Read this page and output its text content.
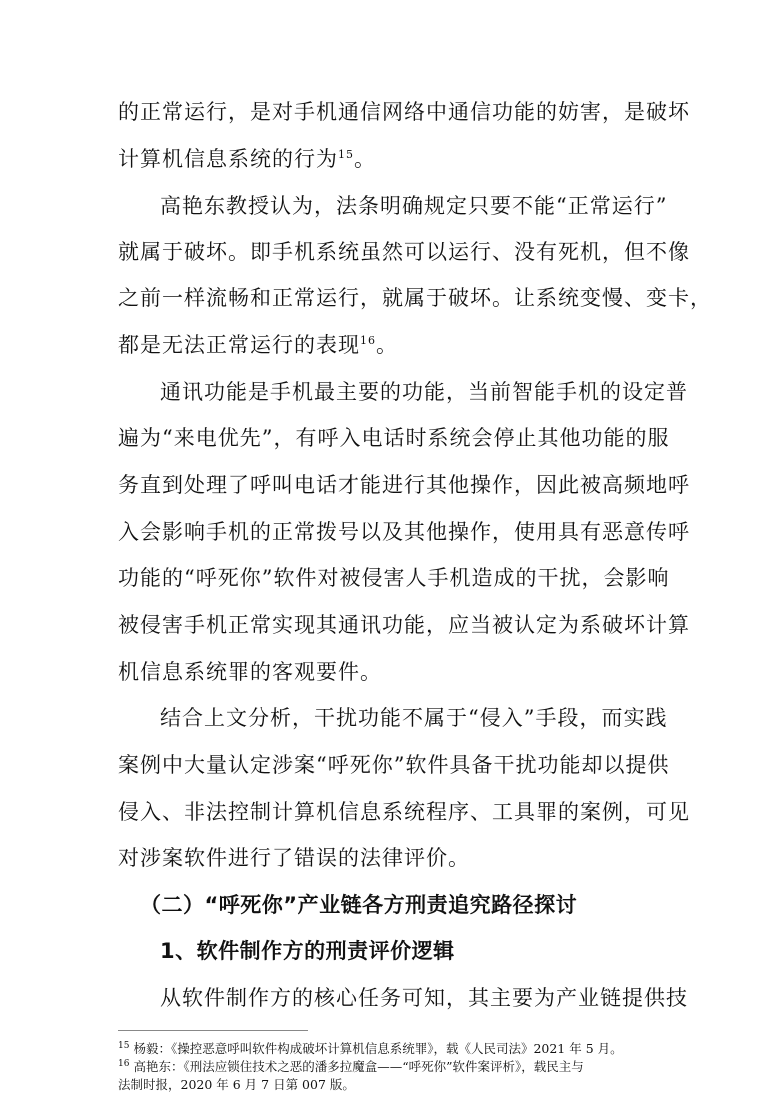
的正常运行，是对手机通信网络中通信功能的妨害，是破坏
计算机信息系统的行为$^{15}$。
高艳东教授认为，法条明确规定只要不能“正常运行”
就属于破坏。即手机系统虽然可以运行、没有死机，但不像
之前一样流畅和正常运行，就属于破坏。让系统变慢、变卡，
都是无法正常运行的表现$^{16}$。
通讯功能是手机最主要的功能，当前智能手机的设定普
遍为“来电优先”，有呼入电话时系统会停止其他功能的服
务直到处理了呼叫电话才能进行其他操作，因此被高频地呼
入会影响手机的正常拨号以及其他操作，使用具有恶意传呼
功能的“呼死你”软件对被侵害人手机造成的干扰，会影响
被侵害手机正常实现其通讯功能，应当被认定为系破坏计算
机信息系统罪的客观要件。
结合上文分析，干扰功能不属于“侵入”手段，而实践
案例中大量认定涉案“呼死你”软件具备干扰功能却以提供
侵入、非法控制计算机信息系统程序、工具罪的案例，可见
对涉案软件进行了错误的法律评价。
（二）“呼死你”产业链各方刑责追究路径探讨
1、软件制作方的刑责评价逻辑
从软件制作方的核心任务可知，其主要为产业链提供技
$^{15}$ 杨毅：《操控恶意呼叫软件构成破坏计算机信息系统罪》，载《人民司法》2021 年 5 月。
$^{16}$ 高艳东：《刑法应锁住技术之恶的潘多拉魔盒——“呼死你”软件案评析》，载民主与
法制时报，2020 年 6 月 7 日第 007 版。
